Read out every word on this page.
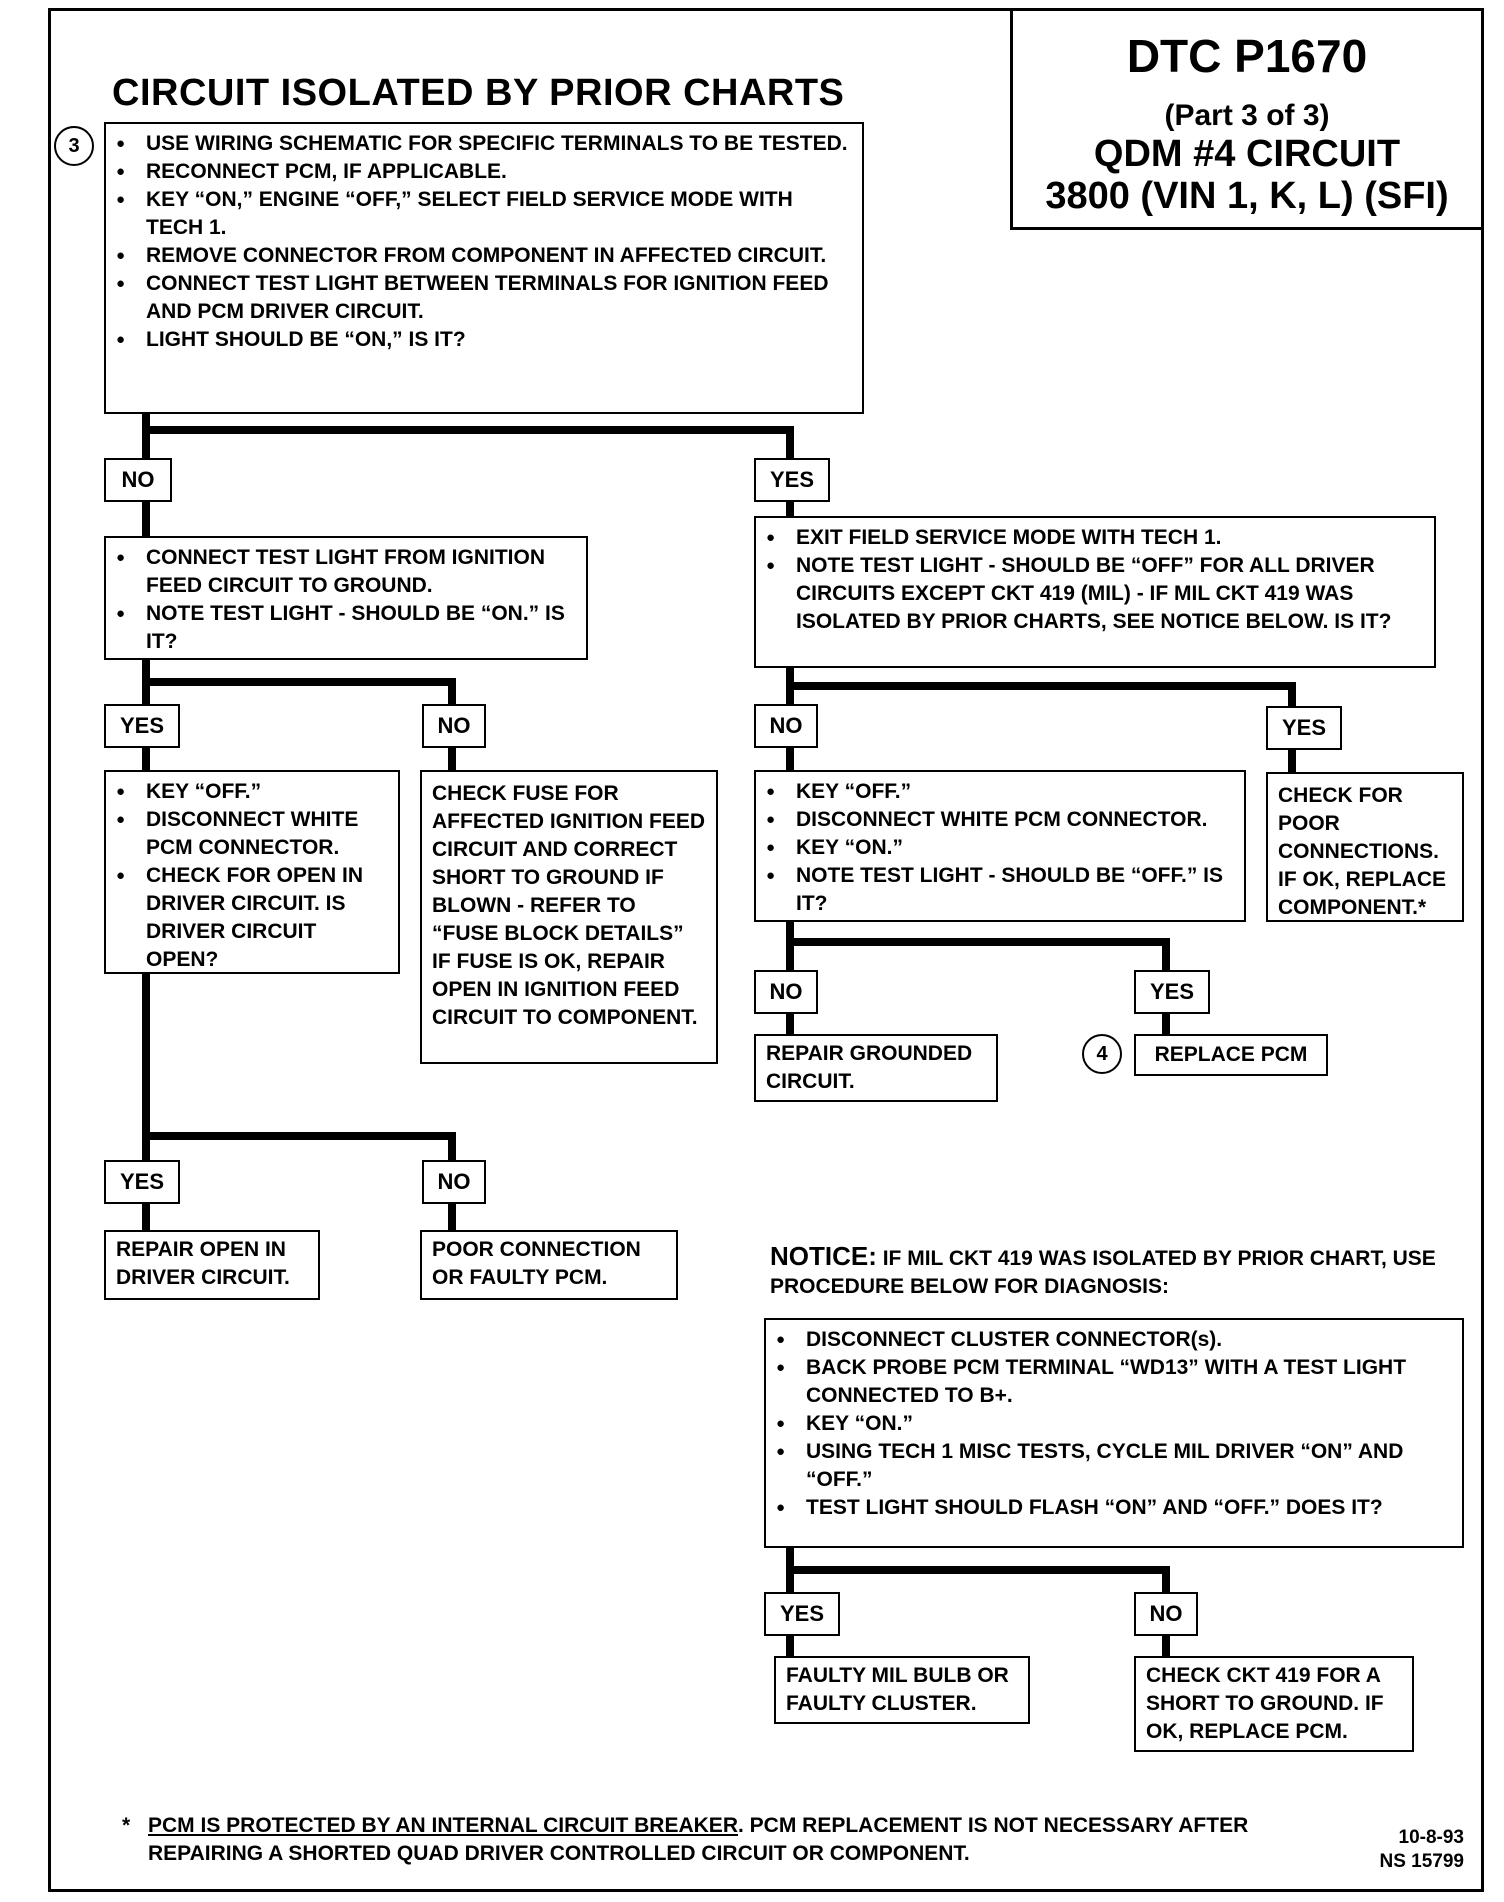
CIRCUIT ISOLATED BY PRIOR CHARTS
DTC P1670
(Part 3 of 3)
QDM #4 CIRCUIT
3800 (VIN 1, K, L) (SFI)
3
●	USE WIRING SCHEMATIC FOR SPECIFIC TERMINALS TO BE TESTED.
● RECONNECT PCM, IF APPLICABLE.
● KEY “ON,” ENGINE “OFF,” SELECT FIELD SERVICE MODE WITH TECH 1.
● REMOVE CONNECTOR FROM COMPONENT IN AFFECTED CIRCUIT.
● CONNECT TEST LIGHT BETWEEN TERMINALS FOR IGNITION FEED AND PCM DRIVER CIRCUIT.
● LIGHT SHOULD BE “ON,” IS IT?
NO	YES
● CONNECT TEST LIGHT FROM IGNITION FEED CIRCUIT TO GROUND.
● NOTE TEST LIGHT - SHOULD BE “ON.” IS IT?
● EXIT FIELD SERVICE MODE WITH TECH 1.
● NOTE TEST LIGHT - SHOULD BE “OFF” FOR ALL DRIVER CIRCUITS EXCEPT CKT 419 (MIL) - IF MIL CKT 419 WAS ISOLATED BY PRIOR CHARTS, SEE NOTICE BELOW. IS IT?
YES	NO	NO	YES
● KEY “OFF.”
● DISCONNECT WHITE PCM CONNECTOR.
● CHECK FOR OPEN IN DRIVER CIRCUIT. IS DRIVER CIRCUIT OPEN?
CHECK FUSE FOR AFFECTED IGNITION FEED CIRCUIT AND CORRECT SHORT TO GROUND IF BLOWN - REFER TO “FUSE BLOCK DETAILS” IF FUSE IS OK, REPAIR OPEN IN IGNITION FEED CIRCUIT TO COMPONENT.
● KEY “OFF.”
● DISCONNECT WHITE PCM CONNECTOR.
● KEY “ON.”
● NOTE TEST LIGHT - SHOULD BE “OFF.” IS IT?
CHECK FOR POOR CONNECTIONS. IF OK, REPLACE COMPONENT.*
NO	YES
REPAIR GROUNDED CIRCUIT.
4	REPLACE PCM
YES	NO
REPAIR OPEN IN DRIVER CIRCUIT.
POOR CONNECTION OR FAULTY PCM.
NOTICE: IF MIL CKT 419 WAS ISOLATED BY PRIOR CHART, USE PROCEDURE BELOW FOR DIAGNOSIS:
● DISCONNECT CLUSTER CONNECTOR(s).
● BACK PROBE PCM TERMINAL “WD13” WITH A TEST LIGHT CONNECTED TO B+.
● KEY “ON.”
● USING TECH 1 MISC TESTS, CYCLE MIL DRIVER “ON” AND “OFF.”
● TEST LIGHT SHOULD FLASH “ON” AND “OFF.” DOES IT?
YES	NO
FAULTY MIL BULB OR FAULTY CLUSTER.
CHECK CKT 419 FOR A SHORT TO GROUND. IF OK, REPLACE PCM.
* PCM IS PROTECTED BY AN INTERNAL CIRCUIT BREAKER. PCM REPLACEMENT IS NOT NECESSARY AFTER REPAIRING A SHORTED QUAD DRIVER CONTROLLED CIRCUIT OR COMPONENT.
10-8-93
NS 15799
